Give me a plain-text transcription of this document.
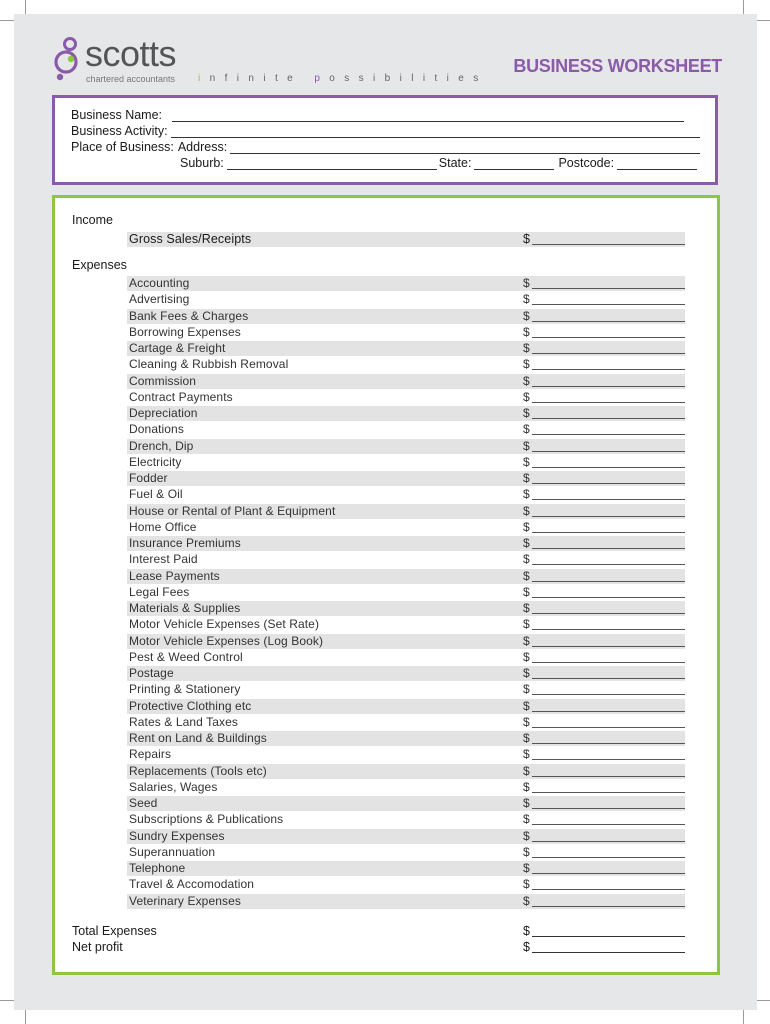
scotts
chartered accountants infinite possibilities
BUSINESS WORKSHEET
Business Name:
Business Activity:
Place of Business: Address:
Suburb:	State:	Postcode:
Income
Gross Sales/Receipts	$
Expenses
Accounting	$
Advertising	$
Bank Fees & Charges	$
Borrowing Expenses	$
Cartage & Freight	$
Cleaning & Rubbish Removal	$
Commission	$
Contract Payments	$
Depreciation	$
Donations	$
Drench, Dip	$
Electricity	$
Fodder	$
Fuel & Oil	$
House or Rental of Plant & Equipment	$
Home Office	$
Insurance Premiums	$
Interest Paid	$
Lease Payments	$
Legal Fees	$
Materials & Supplies	$
Motor Vehicle Expenses (Set Rate)	$
Motor Vehicle Expenses (Log Book)	$
Pest & Weed Control	$
Postage	$
Printing & Stationery	$
Protective Clothing etc	$
Rates & Land Taxes	$
Rent on Land & Buildings	$
Repairs	$
Replacements (Tools etc)	$
Salaries, Wages	$
Seed	$
Subscriptions & Publications	$
Sundry Expenses	$
Superannuation	$
Telephone	$
Travel & Accomodation	$
Veterinary Expenses	$
Total Expenses	$
Net profit	$
